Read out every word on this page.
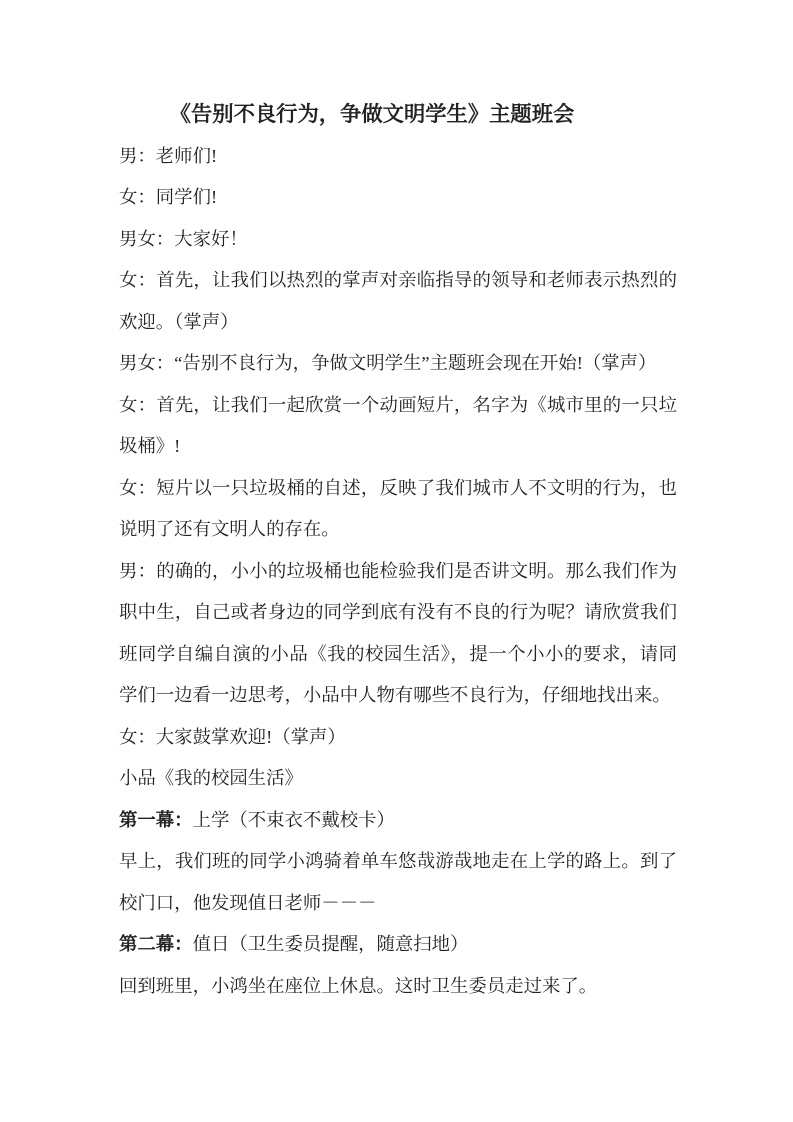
《告别不良行为，争做文明学生》主题班会
男：老师们!
女：同学们!
男女：大家好！
女：首先，让我们以热烈的掌声对亲临指导的领导和老师表示热烈的
欢迎。（掌声）
男女：“告别不良行为，争做文明学生”主题班会现在开始!（掌声）
女：首先，让我们一起欣赏一个动画短片，名字为《城市里的一只垃
圾桶》!
女：短片以一只垃圾桶的自述，反映了我们城市人不文明的行为，也
说明了还有文明人的存在。
男：的确的，小小的垃圾桶也能检验我们是否讲文明。那么我们作为
职中生，自己或者身边的同学到底有没有不良的行为呢？请欣赏我们
班同学自编自演的小品《我的校园生活》，提一个小小的要求，请同
学们一边看一边思考，小品中人物有哪些不良行为，仔细地找出来。
女：大家鼓掌欢迎!（掌声）
小品《我的校园生活》
第一幕：上学（不束衣不戴校卡）
早上，我们班的同学小鸿骑着单车悠哉游哉地走在上学的路上。到了
校门口，他发现值日老师－－－
第二幕：值日（卫生委员提醒，随意扫地）
回到班里，小鸿坐在座位上休息。这时卫生委员走过来了。
